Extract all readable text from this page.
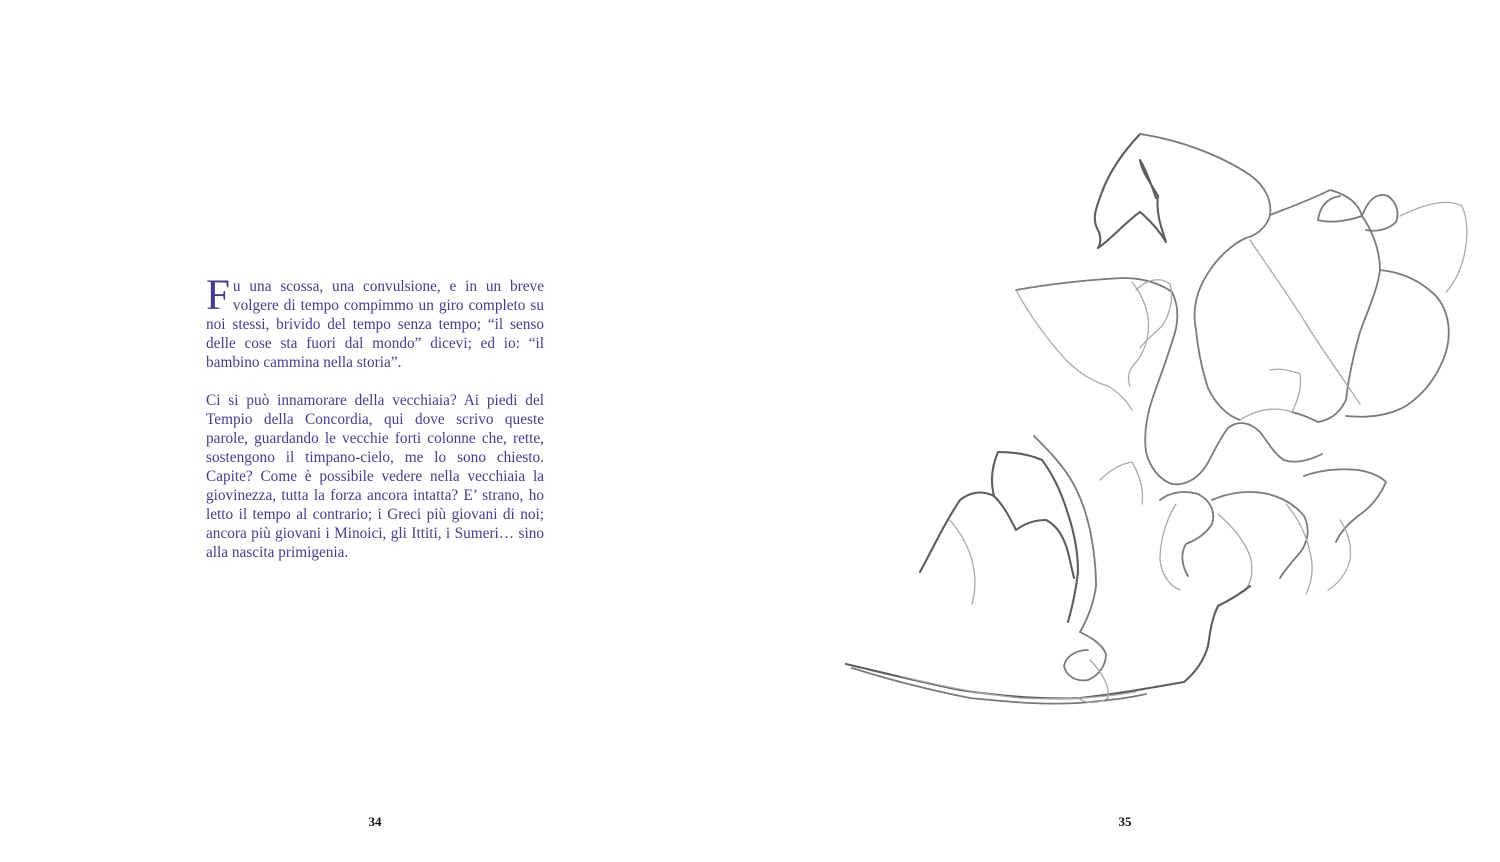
Fu una scossa, una convulsione, e in un breve volgere di tempo compimmo un giro completo su noi stessi, brivido del tempo senza tempo; “il senso delle cose sta fuori dal mondo” dicevi; ed io: “il bambino cammina nella storia”.

Ci si può innamorare della vecchiaia? Ai piedi del Tempio della Concordia, qui dove scrivo queste parole, guardando le vecchie forti colonne che, rette, sostengono il timpano-cielo, me lo sono chiesto. Capite? Come è possibile vedere nella vecchiaia la giovinezza, tutta la forza ancora intatta? E’ strano, ho letto il tempo al contrario; i Greci più giovani di noi; ancora più giovani i Minoici, gli Ittiti, i Sumeri… sino alla nascita primigenia.

34	35
